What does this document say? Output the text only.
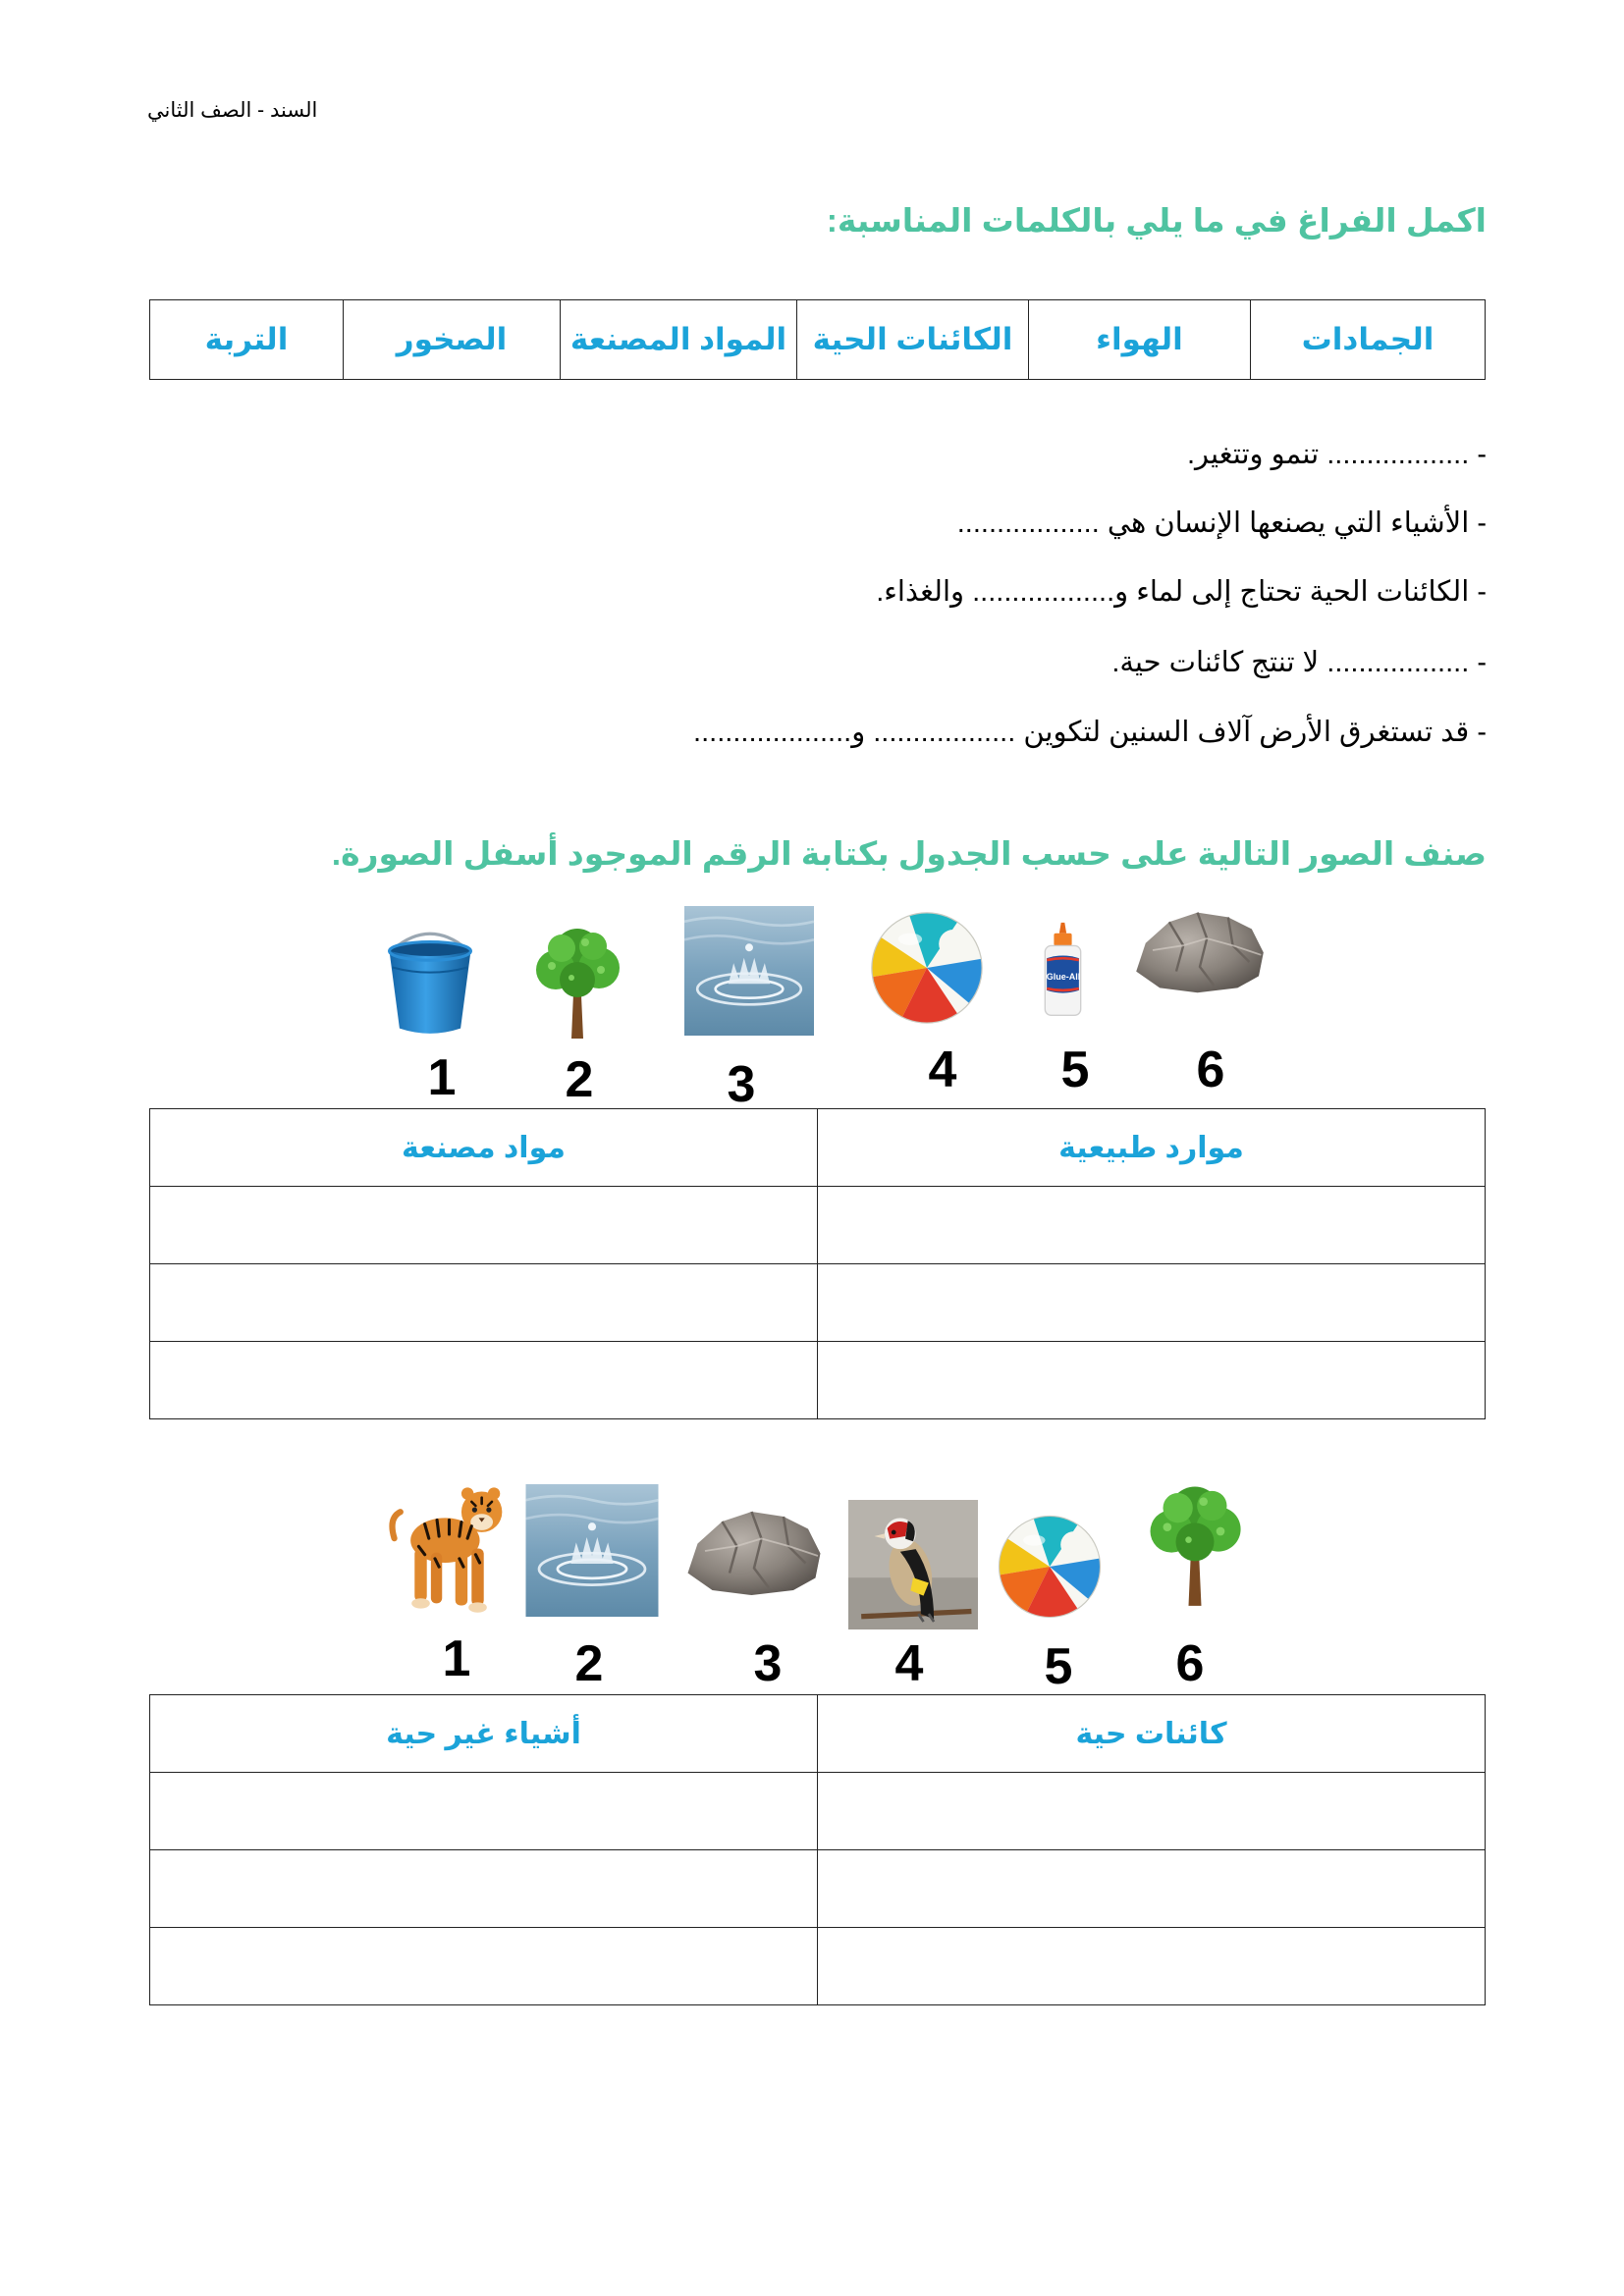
السند - الصف الثاني
اكمل الفراغ في ما يلي بالكلمات المناسبة:
الجمادات	الهواء	الكائنات الحية	المواد المصنعة	الصخور	التربة
- .................. تنمو وتتغير.
- الأشياء التي يصنعها الإنسان هي ..................
- الكائنات الحية تحتاج إلى لماء و.................. والغذاء.
- .................. لا تنتج كائنات حية.
- قد تستغرق الأرض آلاف السنين لتكوين .................. و....................
صنف الصور التالية على حسب الجدول بكتابة الرقم الموجود أسفل الصورة.
Glue-All
1 2	3	4 5 6
موارد طبيعية	مواد مصنعة

1 2	3 4 5 6
كائنات حية	أشياء غير حية
